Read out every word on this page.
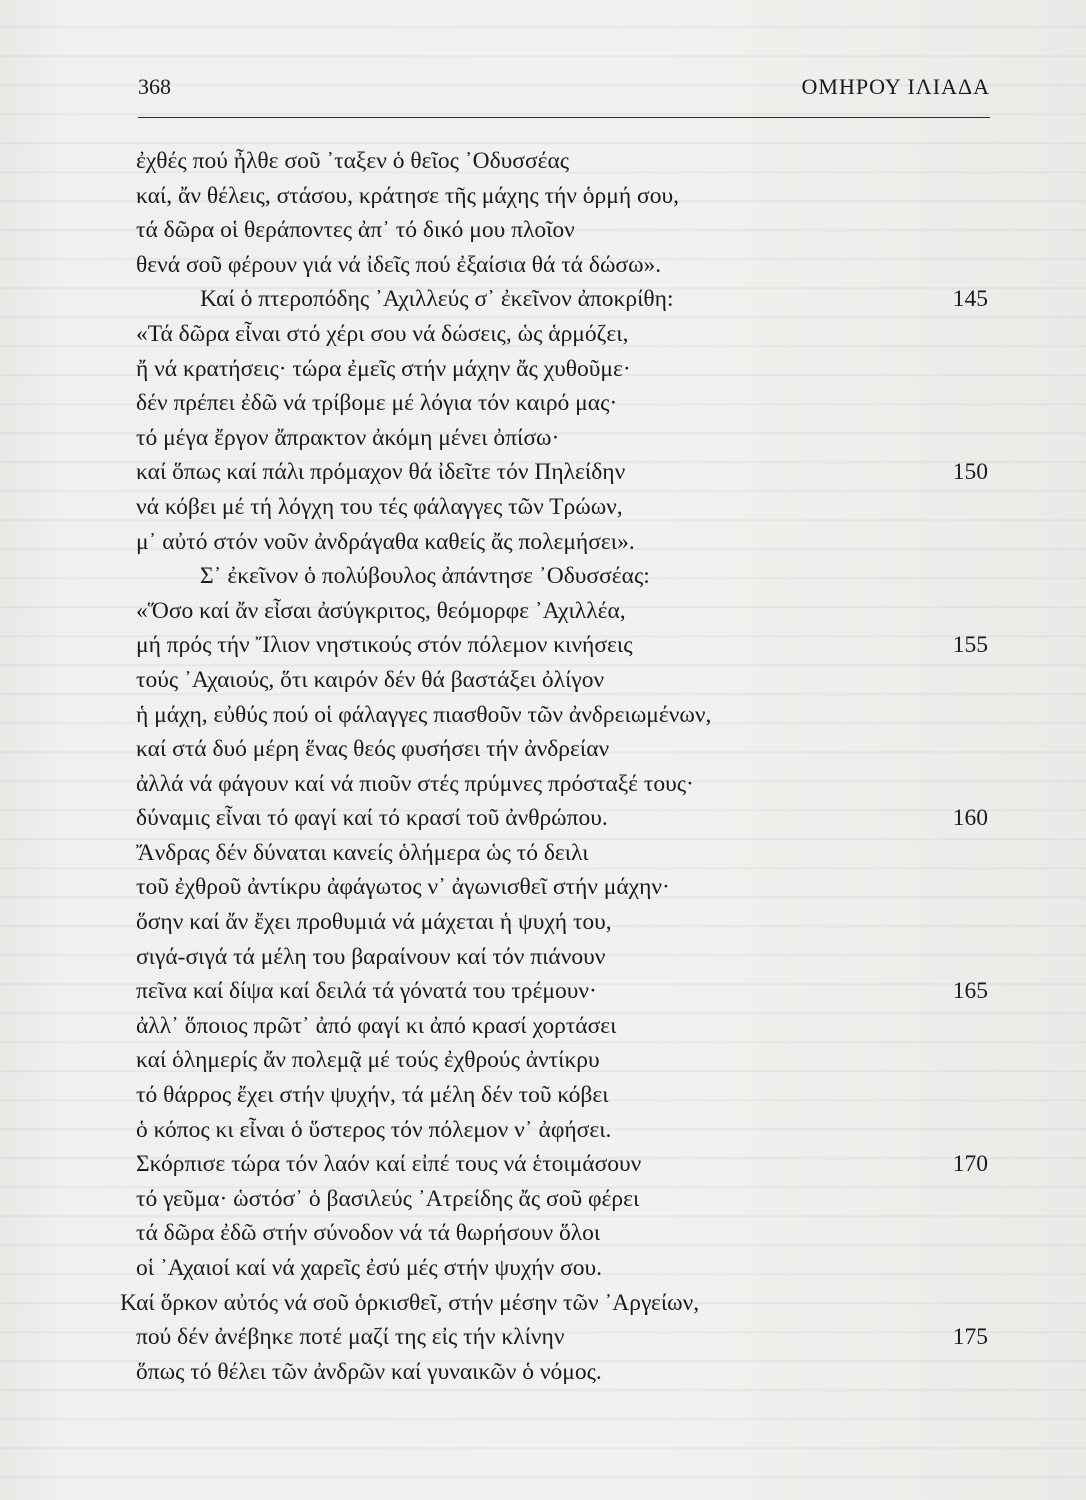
368	ΟΜΗΡΟΥ ΙΛΙΑΔΑ
ἐχθές πού ἦλθε σοῦ ᾽ταξεν ὁ θεῖος ᾽Οδυσσέας
καί, ἄν θέλεις, στάσου, κράτησε τῆς μάχης τήν ὁρμή σου,
τά δῶρα οἱ θεράποντες ἀπ᾽ τό δικό μου πλοῖον
θενά σοῦ φέρουν γιά νά ἰδεῖς πού ἐξαίσια θά τά δώσω».
Καί ὁ πτεροπόδης ᾽Αχιλλεύς σ᾽ ἐκεῖνον ἀποκρίθη:	145
«Τά δῶρα εἶναι στό χέρι σου νά δώσεις, ὡς ἁρμόζει,
ἤ νά κρατήσεις· τώρα ἐμεῖς στήν μάχην ἄς χυθοῦμε·
δέν πρέπει ἐδῶ νά τρίβομε μέ λόγια τόν καιρό μας·
τό μέγα ἔργον ἄπρακτον ἀκόμη μένει ὀπίσω·
καί ὅπως καί πάλι πρόμαχον θά ἰδεῖτε τόν Πηλείδην	150
νά κόβει μέ τή λόγχη του τές φάλαγγες τῶν Τρώων,
μ᾽ αὐτό στόν νοῦν ἀνδράγαθα καθείς ἄς πολεμήσει».
Σ᾽ ἐκεῖνον ὁ πολύβουλος ἀπάντησε ᾽Οδυσσέας:
«Ὅσο καί ἄν εἶσαι ἀσύγκριτος, θεόμορφε ᾽Αχιλλέα,
μή πρός τήν Ἴλιον νηστικούς στόν πόλεμον κινήσεις	155
τούς ᾽Αχαιούς, ὅτι καιρόν δέν θά βαστάξει ὀλίγον
ἡ μάχη, εὐθύς πού οἱ φάλαγγες πιασθοῦν τῶν ἀνδρειωμένων,
καί στά δυό μέρη ἕνας θεός φυσήσει τήν ἀνδρείαν
ἀλλά νά φάγουν καί νά πιοῦν στές πρύμνες πρόσταξέ τους·
δύναμις εἶναι τό φαγί καί τό κρασί τοῦ ἀνθρώπου.	160
Ἄνδρας δέν δύναται κανείς ὁλήμερα ὡς τό δειλι
τοῦ ἐχθροῦ ἀντίκρυ ἀφάγωτος ν᾽ ἀγωνισθεῖ στήν μάχην·
ὅσην καί ἄν ἔχει προθυμιά νά μάχεται ἡ ψυχή του,
σιγά-σιγά τά μέλη του βαραίνουν καί τόν πιάνουν
πεῖνα καί δίψα καί δειλά τά γόνατά του τρέμουν·	165
ἀλλ᾽ ὅποιος πρῶτ᾽ ἀπό φαγί κι ἀπό κρασί χορτάσει
καί ὁλημερίς ἄν πολεμᾷ μέ τούς ἐχθρούς ἀντίκρυ
τό θάρρος ἔχει στήν ψυχήν, τά μέλη δέν τοῦ κόβει
ὁ κόπος κι εἶναι ὁ ὕστερος τόν πόλεμον ν᾽ ἀφήσει.
Σκόρπισε τώρα τόν λαόν καί εἰπέ τους νά ἑτοιμάσουν	170
τό γεῦμα· ὡστόσ᾽ ὁ βασιλεύς ᾽Ατρείδης ἄς σοῦ φέρει
τά δῶρα ἐδῶ στήν σύνοδον νά τά θωρήσουν ὅλοι
οἱ ᾽Αχαιοί καί νά χαρεῖς ἐσύ μές στήν ψυχήν σου.
Καί ὅρκον αὐτός νά σοῦ ὁρκισθεῖ, στήν μέσην τῶν ᾽Αργείων,
πού δέν ἀνέβηκε ποτέ μαζί της εἰς τήν κλίνην	175
ὅπως τό θέλει τῶν ἀνδρῶν καί γυναικῶν ὁ νόμος.
